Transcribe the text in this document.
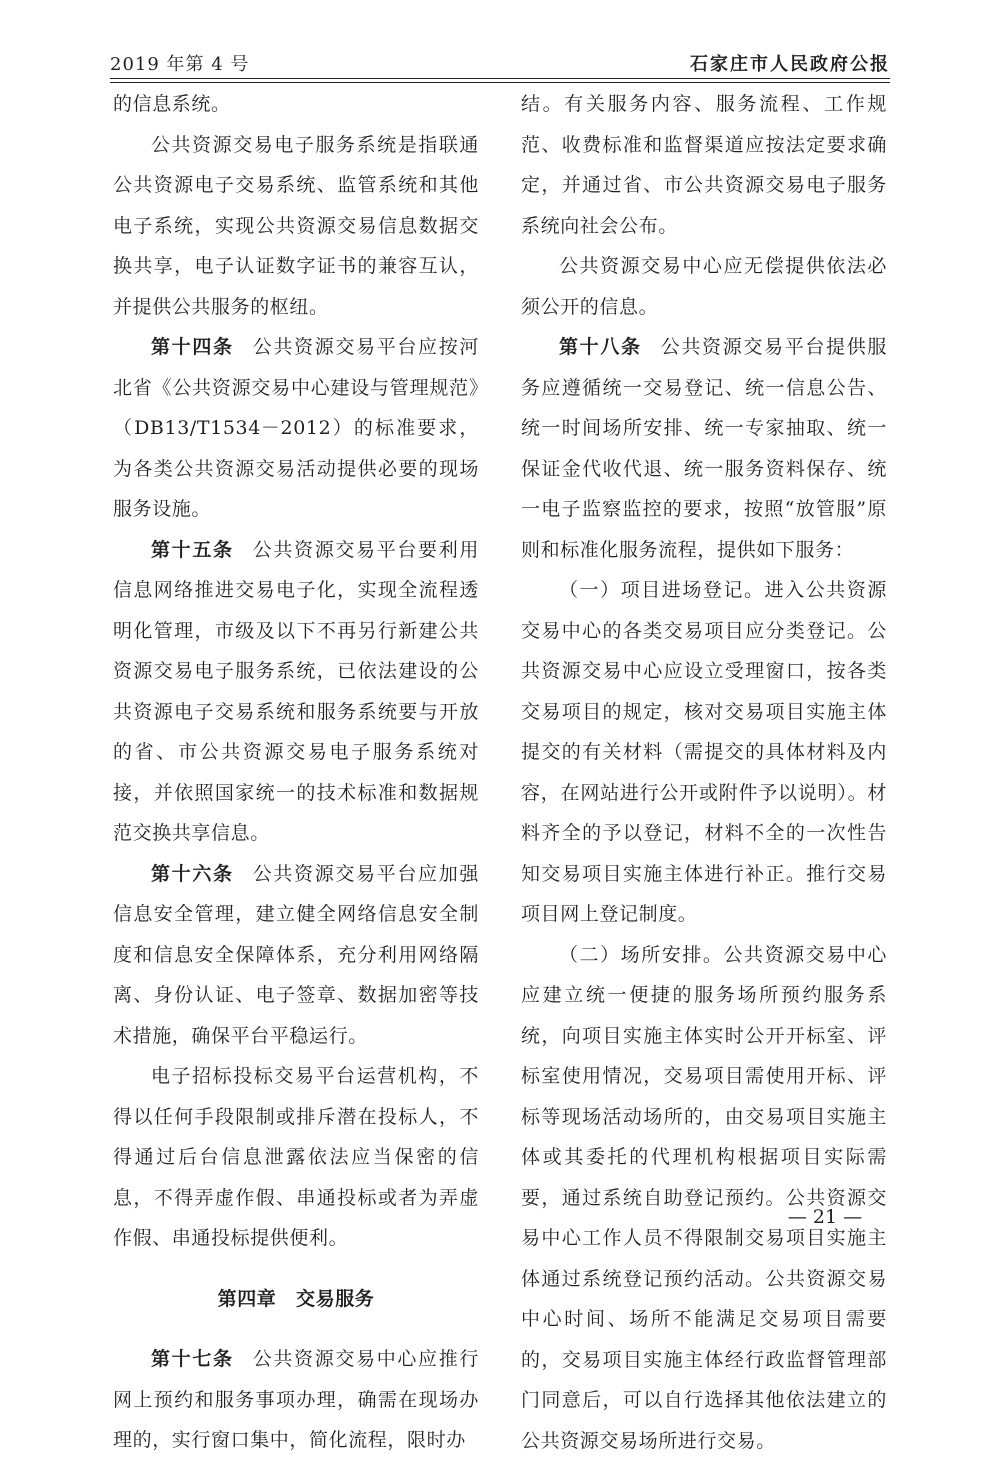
2019 年第 4 号	石家庄市人民政府公报

的信息系统。

公共资源交易电子服务系统是指联通公共资源电子交易系统、监管系统和其他电子系统，实现公共资源交易信息数据交换共享，电子认证数字证书的兼容互认，并提供公共服务的枢纽。

第十四条 公共资源交易平台应按河北省《公共资源交易中心建设与管理规范》（DB13/T1534－2012）的标准要求，为各类公共资源交易活动提供必要的现场服务设施。

第十五条 公共资源交易平台要利用信息网络推进交易电子化，实现全流程透明化管理，市级及以下不再另行新建公共资源交易电子服务系统，已依法建设的公共资源电子交易系统和服务系统要与开放的省、市公共资源交易电子服务系统对接，并依照国家统一的技术标准和数据规范交换共享信息。

第十六条 公共资源交易平台应加强信息安全管理，建立健全网络信息安全制度和信息安全保障体系，充分利用网络隔离、身份认证、电子签章、数据加密等技术措施，确保平台平稳运行。

电子招标投标交易平台运营机构，不得以任何手段限制或排斥潜在投标人，不得通过后台信息泄露依法应当保密的信息，不得弄虚作假、串通投标或者为弄虚作假、串通投标提供便利。

第四章　交易服务

第十七条 公共资源交易中心应推行网上预约和服务事项办理，确需在现场办理的，实行窗口集中，简化流程，限时办

结。有关服务内容、服务流程、工作规范、收费标准和监督渠道应按法定要求确定，并通过省、市公共资源交易电子服务系统向社会公布。

公共资源交易中心应无偿提供依法必须公开的信息。

第十八条 公共资源交易平台提供服务应遵循统一交易登记、统一信息公告、统一时间场所安排、统一专家抽取、统一保证金代收代退、统一服务资料保存、统一电子监察监控的要求，按照“放管服”原则和标准化服务流程，提供如下服务：

（一）项目进场登记。进入公共资源交易中心的各类交易项目应分类登记。公共资源交易中心应设立受理窗口，按各类交易项目的规定，核对交易项目实施主体提交的有关材料（需提交的具体材料及内容，在网站进行公开或附件予以说明）。材料齐全的予以登记，材料不全的一次性告知交易项目实施主体进行补正。推行交易项目网上登记制度。

（二）场所安排。公共资源交易中心应建立统一便捷的服务场所预约服务系统，向项目实施主体实时公开开标室、评标室使用情况，交易项目需使用开标、评标等现场活动场所的，由交易项目实施主体或其委托的代理机构根据项目实际需要，通过系统自助登记预约。公共资源交易中心工作人员不得限制交易项目实施主体通过系统登记预约活动。公共资源交易中心时间、场所不能满足交易项目需要的，交易项目实施主体经行政监督管理部门同意后，可以自行选择其他依法建立的公共资源交易场所进行交易。

— 21 —
